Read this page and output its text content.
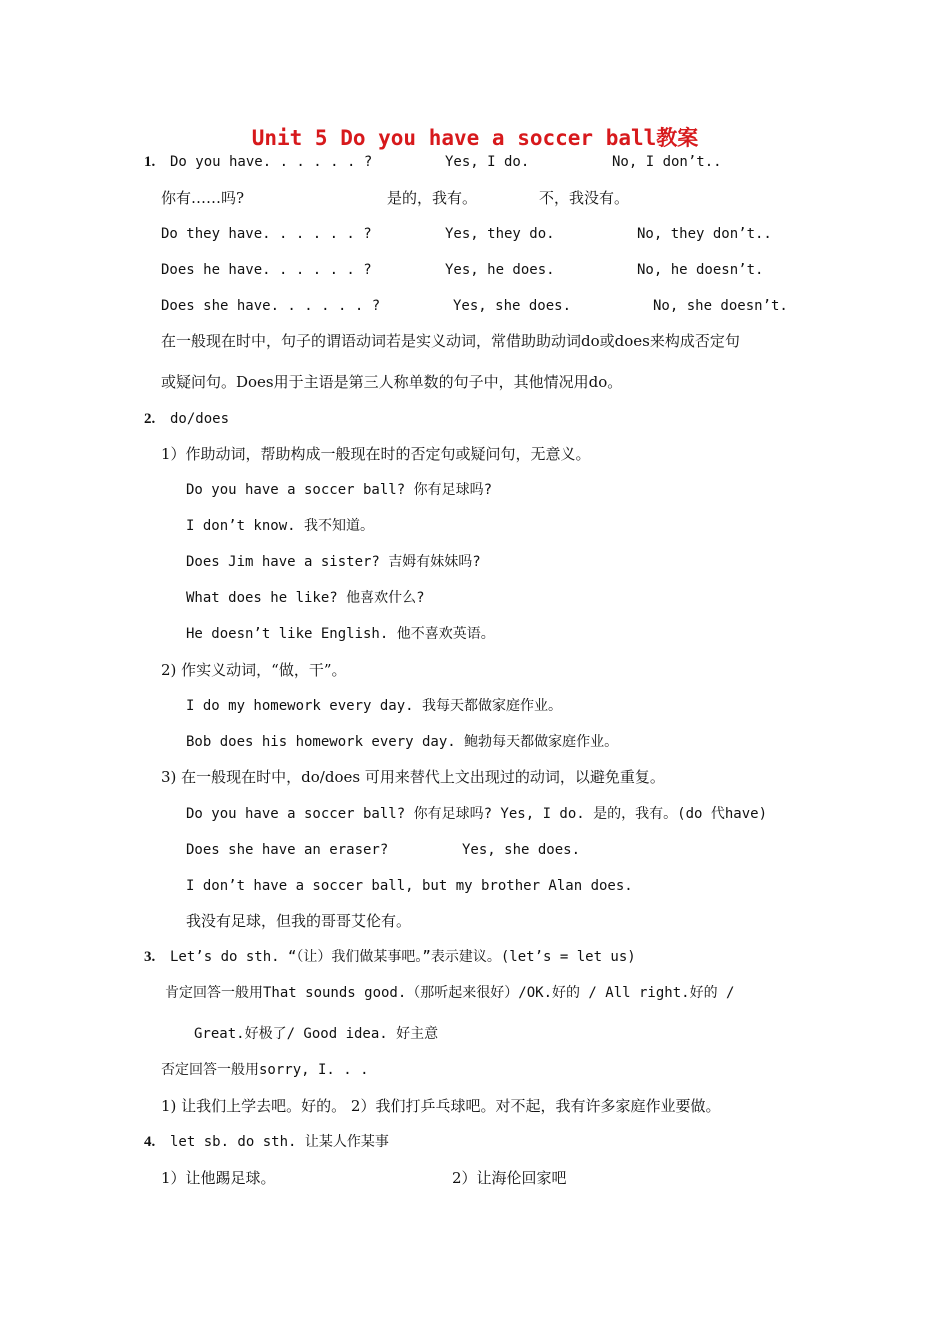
Unit 5 Do you have a soccer ball教案
1. Do you have. . . . . . ?	Yes, I do.	No, I don’t..
你有……吗?	是的，我有。	不，我没有。
Do they have. . . . . . ?	Yes, they do.	No, they don’t..
Does he have. . . . . . ?	Yes, he does.	No, he doesn’t.
Does she have. . . . . . ?	Yes, she does.	No, she doesn’t.
在一般现在时中，句子的谓语动词若是实义动词，常借助助动词do或does来构成否定句
或疑问句。Does用于主语是第三人称单数的句子中，其他情况用do。
2. do/does
1）作助动词，帮助构成一般现在时的否定句或疑问句，无意义。
Do you have a soccer ball? 你有足球吗?
I don’t know. 我不知道。
Does Jim have a sister? 吉姆有妹妹吗?
What does he like? 他喜欢什么?
He doesn’t like English. 他不喜欢英语。
2) 作实义动词，“做，干”。
I do my homework every day. 我每天都做家庭作业。
Bob does his homework every day. 鲍勃每天都做家庭作业。
3) 在一般现在时中，do/does 可用来替代上文出现过的动词，以避免重复。
Do you have a soccer ball? 你有足球吗? Yes, I do. 是的，我有。(do 代have)
Does she have an eraser?	Yes, she does.
I don’t have a soccer ball, but my brother Alan does.
我没有足球，但我的哥哥艾伦有。
3. Let’s do sth. “（让）我们做某事吧。”表示建议。(let’s = let us)
肯定回答一般用That sounds good.（那听起来很好）/OK.好的 / All right.好的 /
Great.好极了/ Good idea. 好主意
否定回答一般用sorry, I. . .
1) 让我们上学去吧。好的。 2）我们打乒乓球吧。对不起，我有许多家庭作业要做。
4. let sb. do sth. 让某人作某事
1）让他踢足球。	2）让海伦回家吧
